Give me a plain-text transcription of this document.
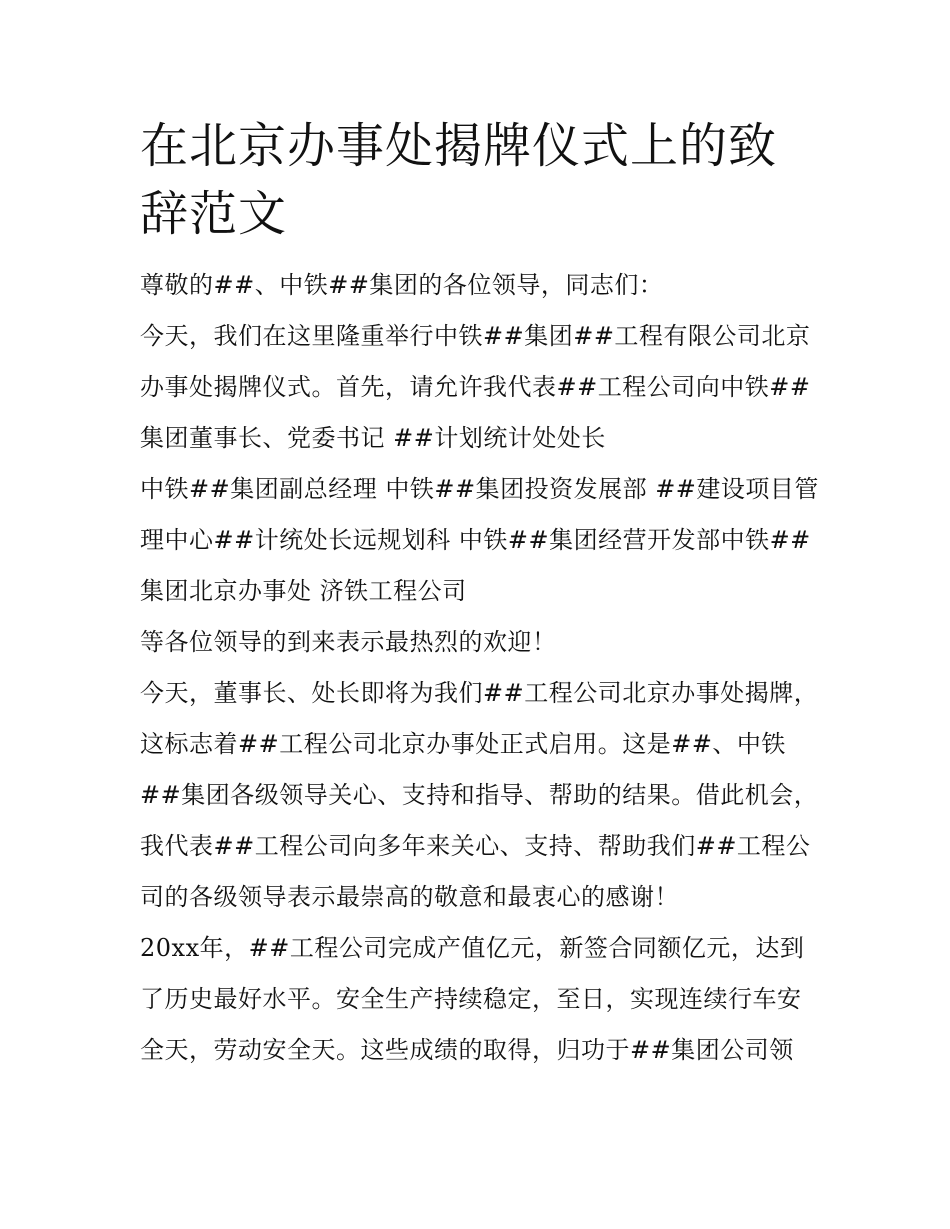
在北京办事处揭牌仪式上的致辞范文

尊敬的##、中铁##集团的各位领导，同志们：

今天，我们在这里隆重举行中铁##集团##工程有限公司北京办事处揭牌仪式。首先，请允许我代表##工程公司向中铁##集团董事长、党委书记 ##计划统计处处长

中铁##集团副总经理 中铁##集团投资发展部 ##建设项目管理中心##计统处长远规划科 中铁##集团经营开发部中铁##集团北京办事处 济铁工程公司

等各位领导的到来表示最热烈的欢迎！

今天，董事长、处长即将为我们##工程公司北京办事处揭牌，这标志着##工程公司北京办事处正式启用。这是##、中铁##集团各级领导关心、支持和指导、帮助的结果。借此机会，我代表##工程公司向多年来关心、支持、帮助我们##工程公司的各级领导表示最崇高的敬意和最衷心的感谢！

20xx年，##工程公司完成产值亿元，新签合同额亿元，达到了历史最好水平。安全生产持续稳定，至日，实现连续行车安全天，劳动安全天。这些成绩的取得，归功于##集团公司领
